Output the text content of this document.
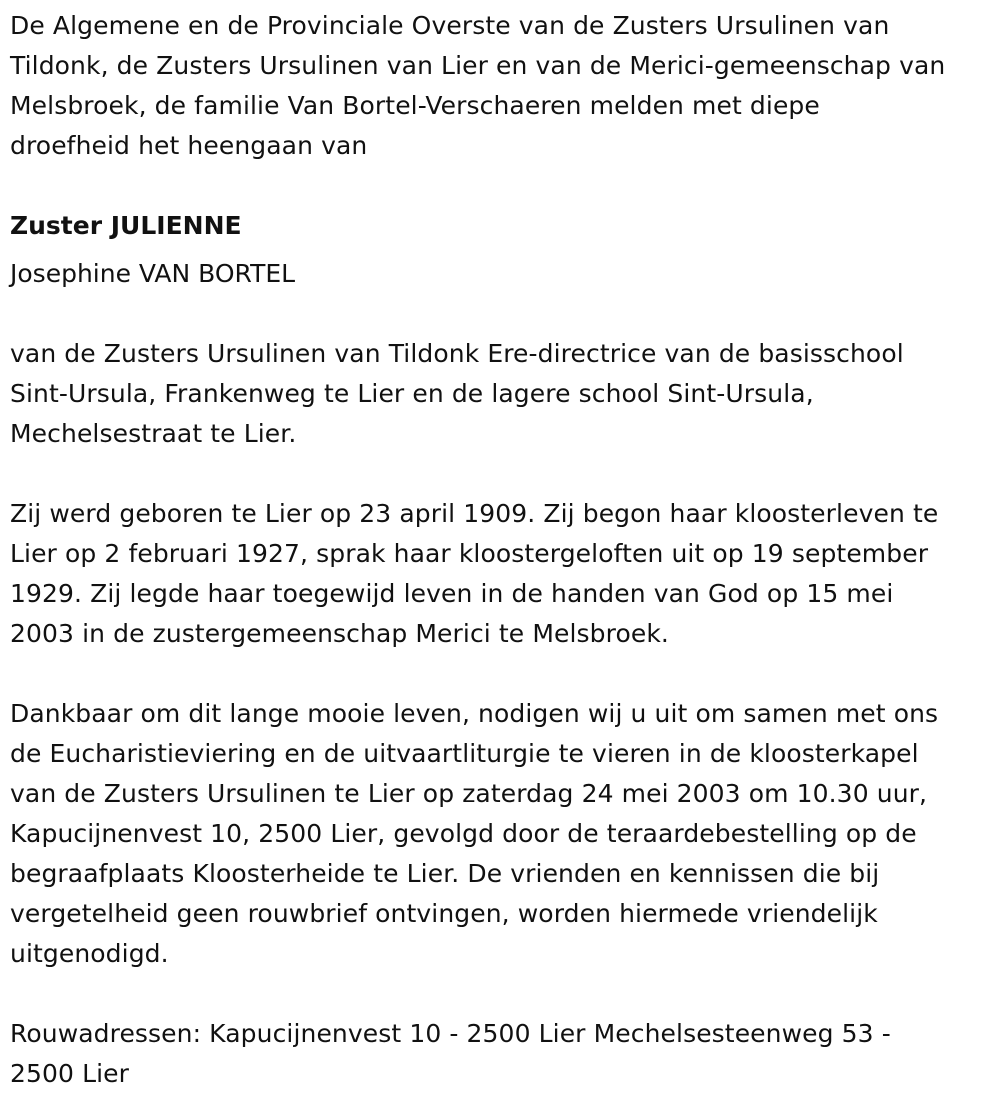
De Algemene en de Provinciale Overste van de Zusters Ursulinen van
Tildonk, de Zusters Ursulinen van Lier en van de Merici-gemeenschap van
Melsbroek, de familie Van Bortel-Verschaeren melden met diepe
droefheid het heengaan van

Zuster JULIENNE

Josephine VAN BORTEL

van de Zusters Ursulinen van Tildonk Ere-directrice van de basisschool
Sint-Ursula, Frankenweg te Lier en de lagere school Sint-Ursula,
Mechelsestraat te Lier.

Zij werd geboren te Lier op 23 april 1909. Zij begon haar kloosterleven te
Lier op 2 februari 1927, sprak haar kloostergeloften uit op 19 september
1929. Zij legde haar toegewijd leven in de handen van God op 15 mei
2003 in de zustergemeenschap Merici te Melsbroek.

Dankbaar om dit lange mooie leven, nodigen wij u uit om samen met ons
de Eucharistieviering en de uitvaartliturgie te vieren in de kloosterkapel
van de Zusters Ursulinen te Lier op zaterdag 24 mei 2003 om 10.30 uur,
Kapucijnenvest 10, 2500 Lier, gevolgd door de teraardebestelling op de
begraafplaats Kloosterheide te Lier. De vrienden en kennissen die bij
vergetelheid geen rouwbrief ontvingen, worden hiermede vriendelijk
uitgenodigd.

Rouwadressen: Kapucijnenvest 10 - 2500 Lier Mechelsesteenweg 53 -
2500 Lier
